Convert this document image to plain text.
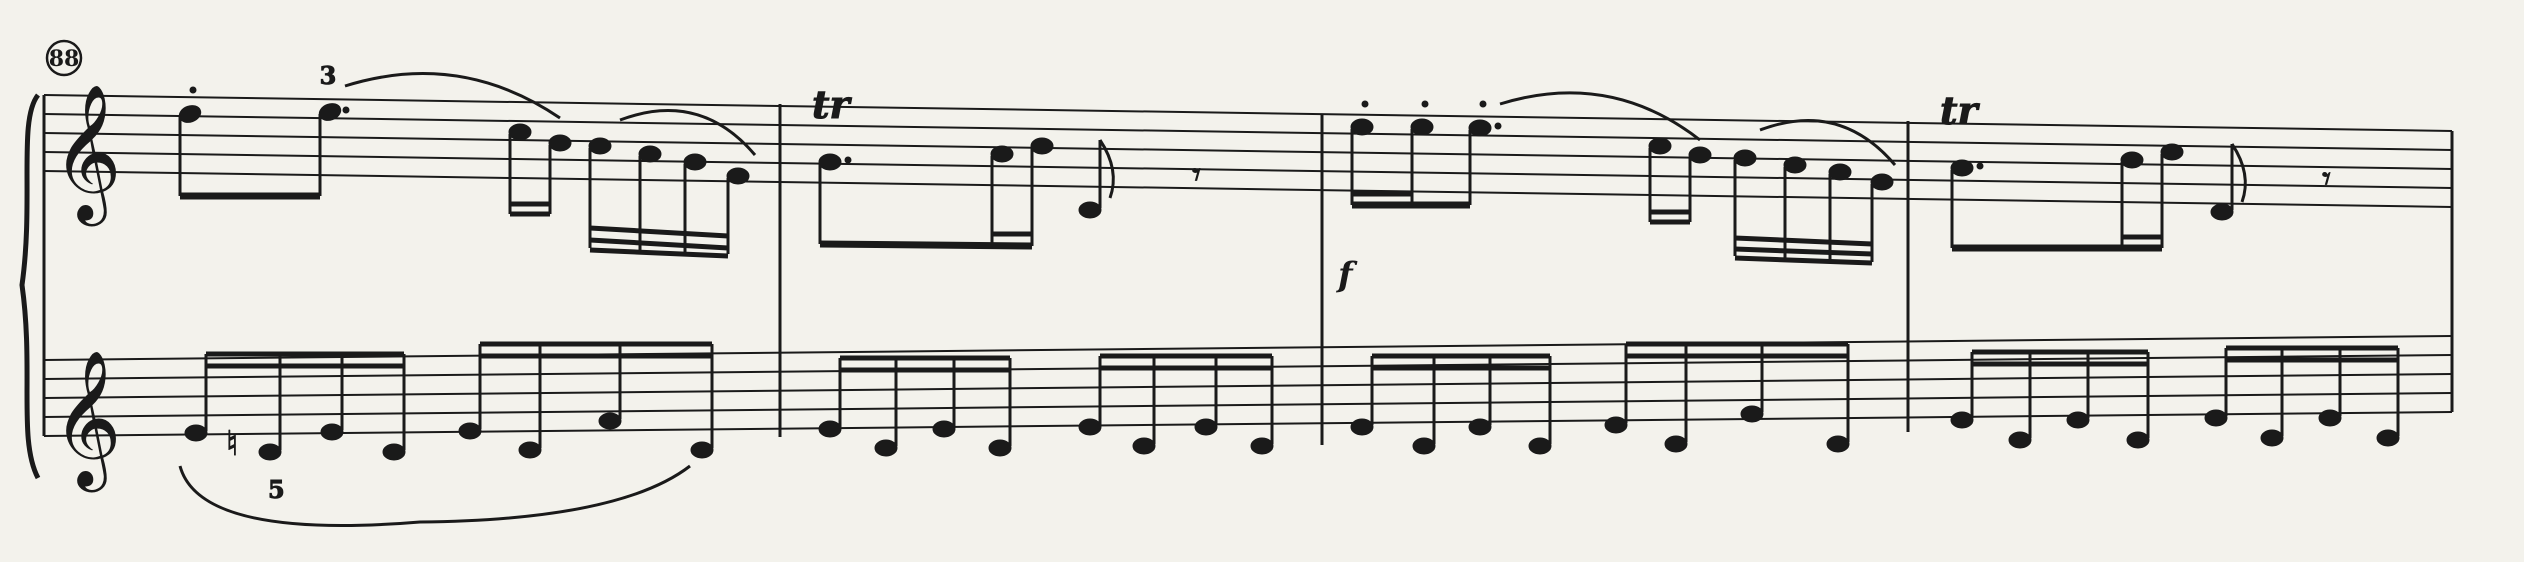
88
𝄞
𝄞
3
𝄾
tr
𝄾
tr
f
♮
5
